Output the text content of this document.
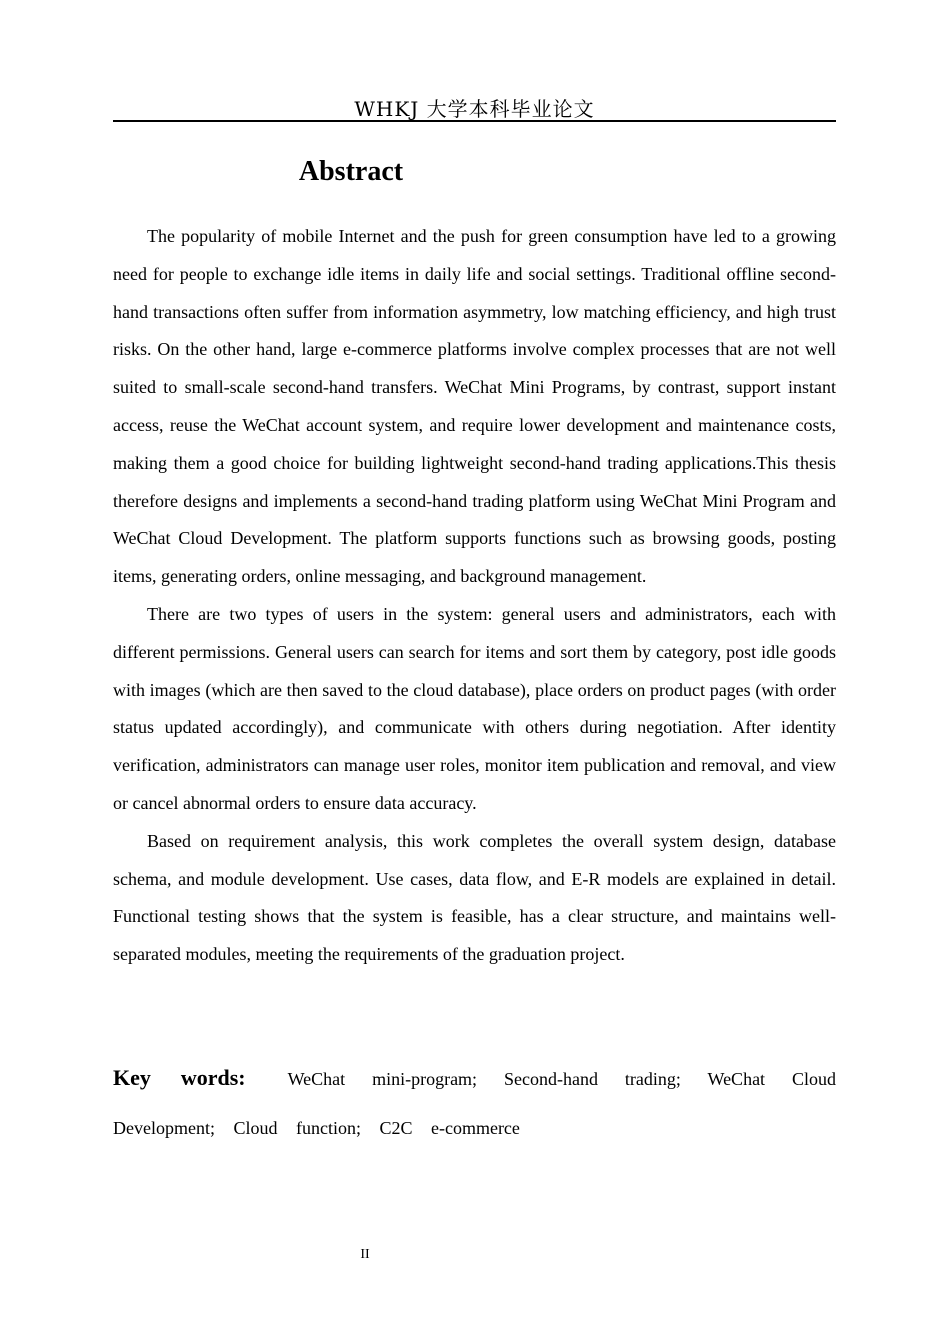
WHKJ 大学本科毕业论文
Abstract

The popularity of mobile Internet and the push for green consumption have led to a growing need for people to exchange idle items in daily life and social settings. Traditional offline second-hand transactions often suffer from information asymmetry, low matching efficiency, and high trust risks. On the other hand, large e-commerce platforms involve complex processes that are not well suited to small-scale second-hand transfers. WeChat Mini Programs, by contrast, support instant access, reuse the WeChat account system, and require lower development and maintenance costs, making them a good choice for building lightweight second-hand trading applications.This thesis therefore designs and implements a second-hand trading platform using WeChat Mini Program and WeChat Cloud Development. The platform supports functions such as browsing goods, posting items, generating orders, online messaging, and background management.

There are two types of users in the system: general users and administrators, each with different permissions. General users can search for items and sort them by category, post idle goods with images (which are then saved to the cloud database), place orders on product pages (with order status updated accordingly), and communicate with others during negotiation. After identity verification, administrators can manage user roles, monitor item publication and removal, and view or cancel abnormal orders to ensure data accuracy.

Based on requirement analysis, this work completes the overall system design, database schema, and module development. Use cases, data flow, and E-R models are explained in detail. Functional testing shows that the system is feasible, has a clear structure, and maintains well-separated modules, meeting the requirements of the graduation project.

Key words: WeChat mini-program; Second-hand trading; WeChat Cloud Development; Cloud function; C2C e-commerce
II
